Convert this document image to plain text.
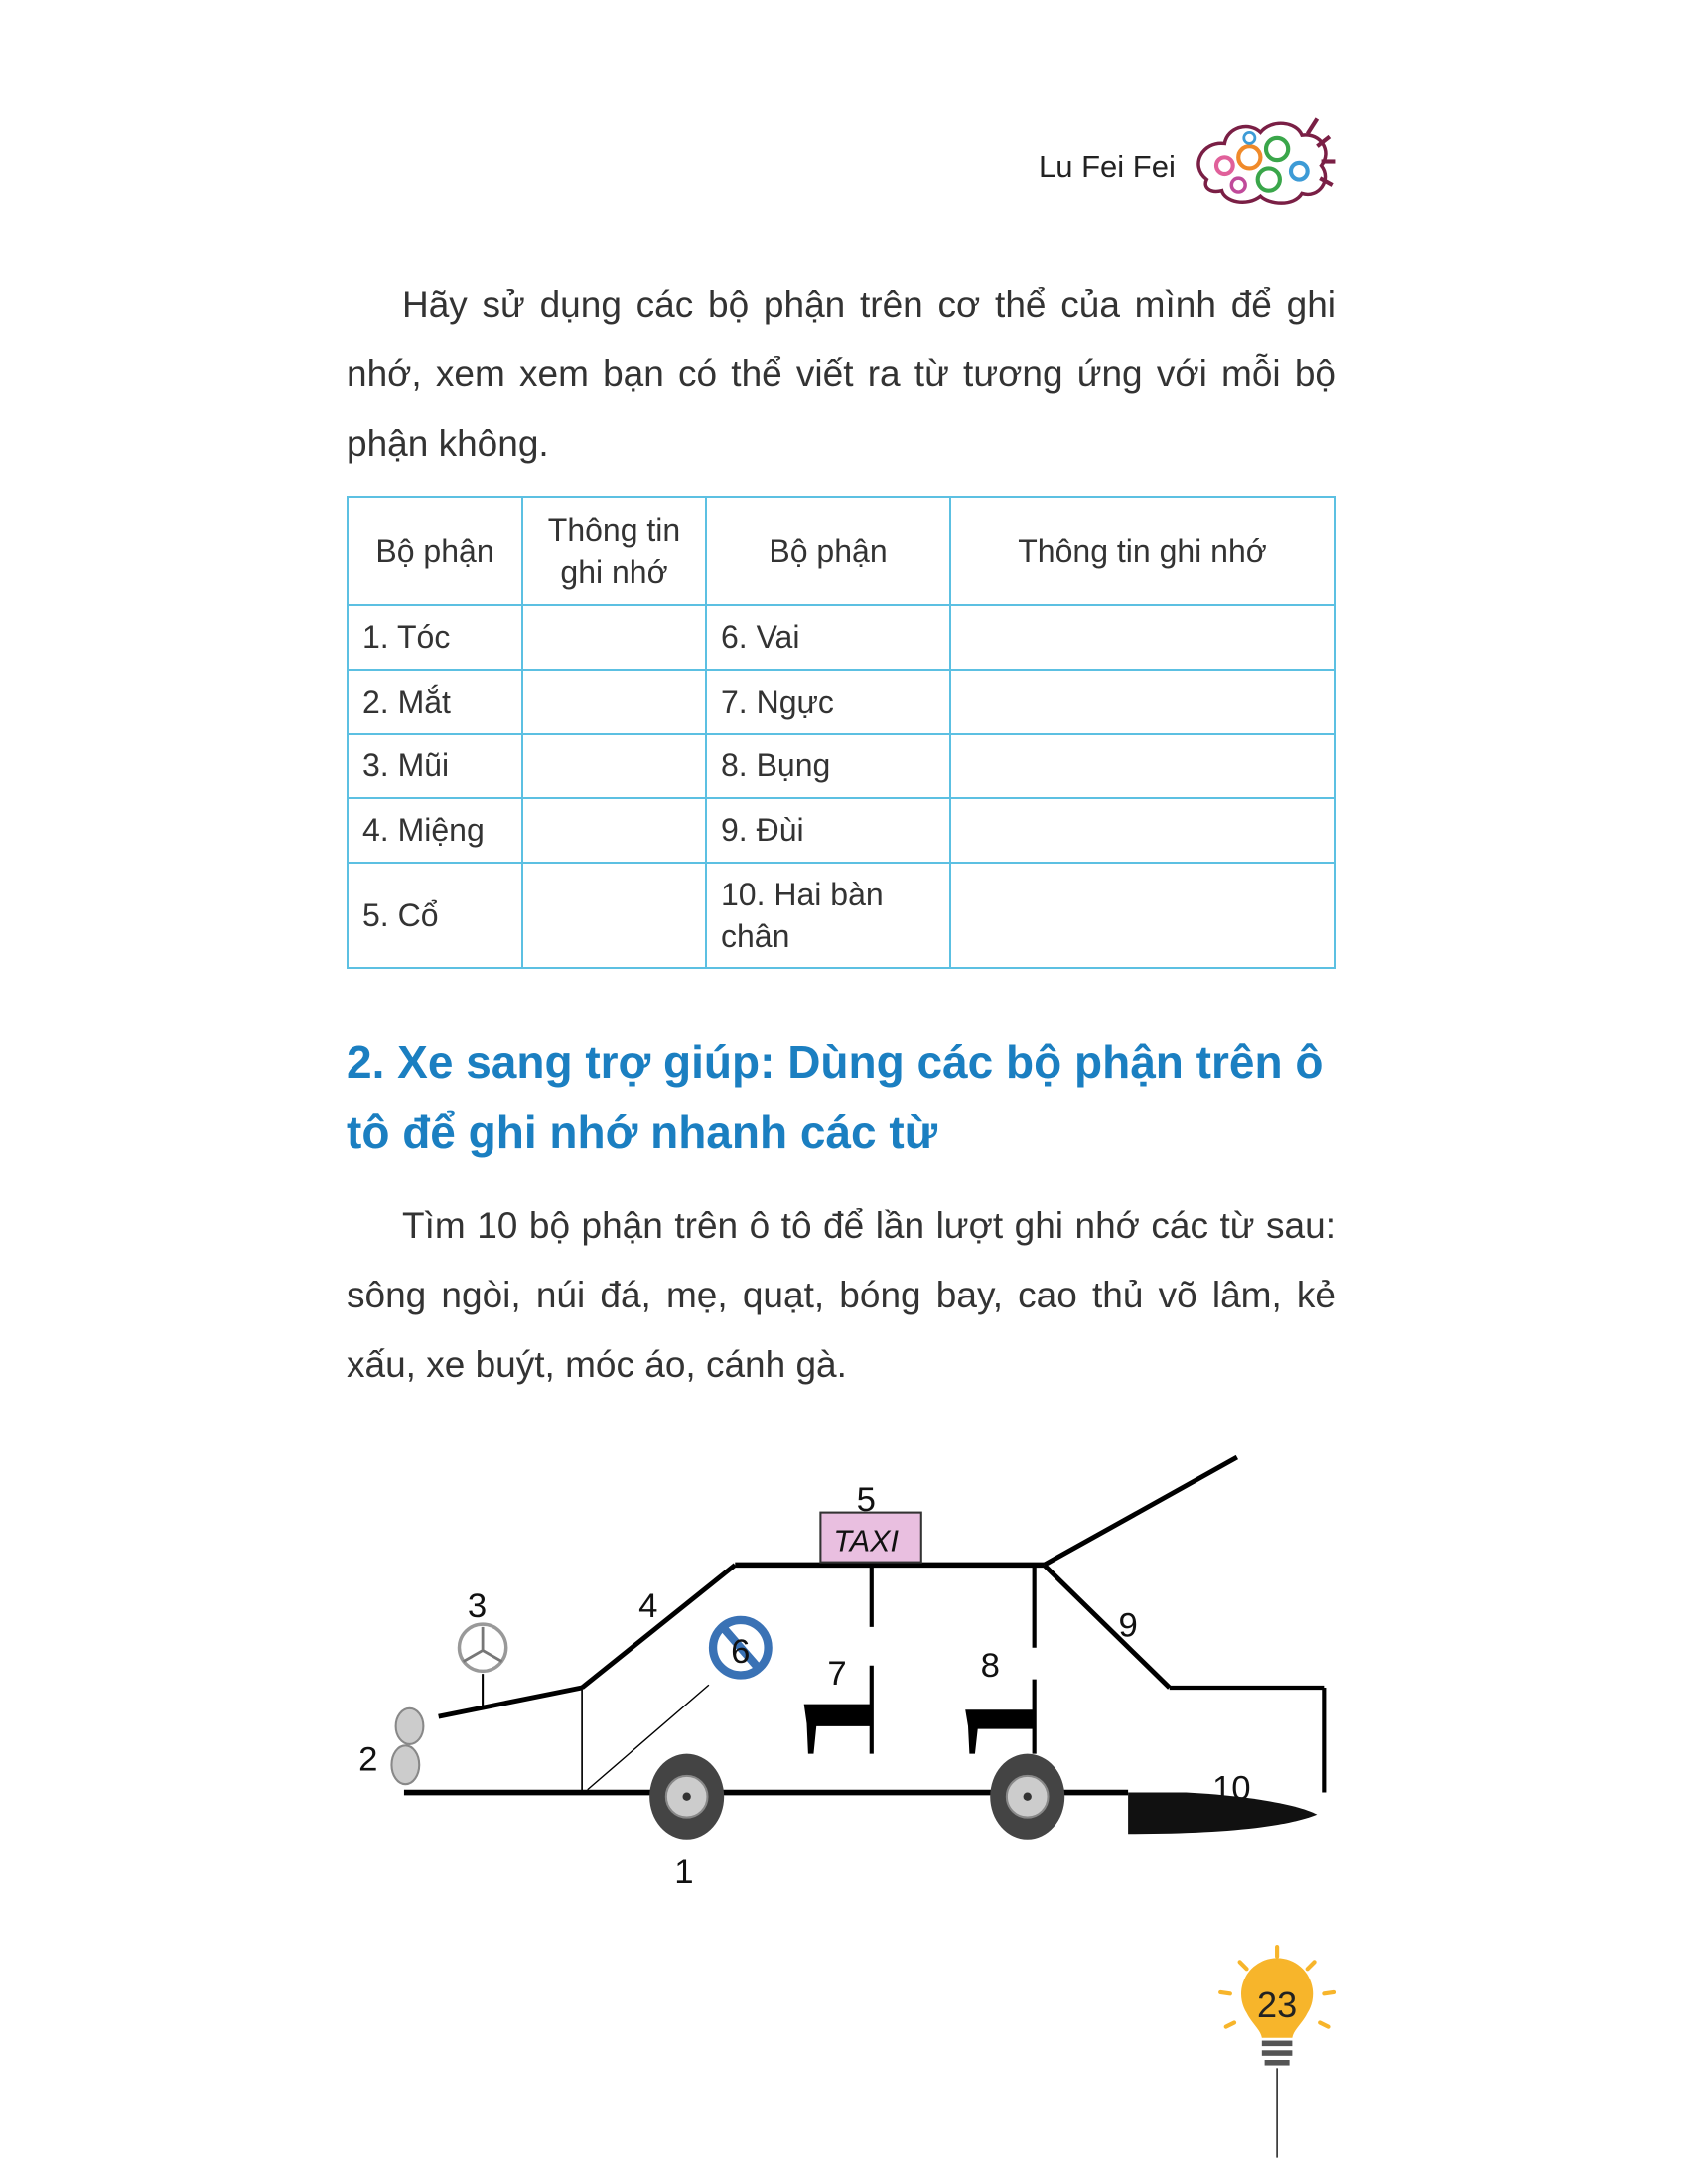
Lu Fei Fei
TAXI
1
2
3	4
5
6
7	8
9
10
23
Hãy sử dụng các bộ phận trên cơ thể của mình để ghi nhớ, xem xem bạn có thể viết ra từ tương ứng với mỗi bộ phận không.
Bộ phận	Thông tin ghi nhớ	Bộ phận	Thông tin ghi nhớ
1. Tóc		6. Vai	
2. Mắt		7. Ngực	
3. Mũi		8. Bụng	
4. Miệng		9. Đùi	
5. Cổ		10. Hai bàn chân	
2. Xe sang trợ giúp: Dùng các bộ phận trên ô tô để ghi nhớ nhanh các từ
Tìm 10 bộ phận trên ô tô để lần lượt ghi nhớ các từ sau: sông ngòi, núi đá, mẹ, quạt, bóng bay, cao thủ võ lâm, kẻ xấu, xe buýt, móc áo, cánh gà.
